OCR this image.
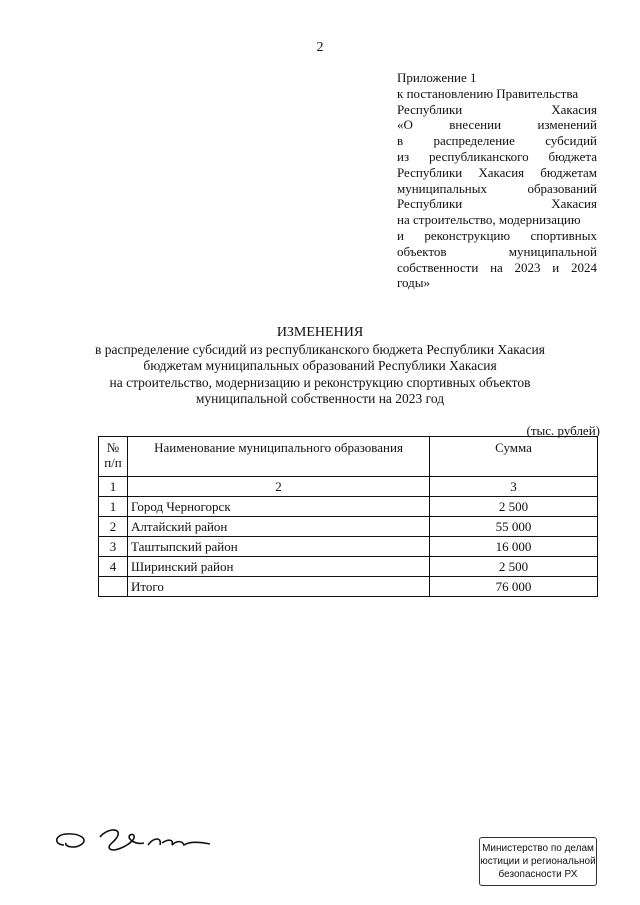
2
Приложение 1
к постановлению Правительства
Республики	Хакасия
«О	внесении	изменений
в распределение субсидий
из республиканского бюджета
Республики Хакасия бюджетам
муниципальных	образований
Республики	Хакасия
на строительство, модернизацию
и реконструкцию спортивных
объектов	муниципальной
собственности на 2023 и 2024
годы»
ИЗМЕНЕНИЯ
в распределение субсидий из республиканского бюджета Республики Хакасия
бюджетам муниципальных образований Республики Хакасия
на строительство, модернизацию и реконструкцию спортивных объектов
муниципальной собственности на 2023 год
(тыс. рублей)
№
п/п	Наименование муниципального образования	Сумма
1	2	3
1	Город Черногорск	2 500
2	Алтайский район	55 000
3	Таштыпский район	16 000
4	Ширинский район	2 500
	Итого	76 000
Министерство по делам
юстиции и региональной
безопасности РХ
